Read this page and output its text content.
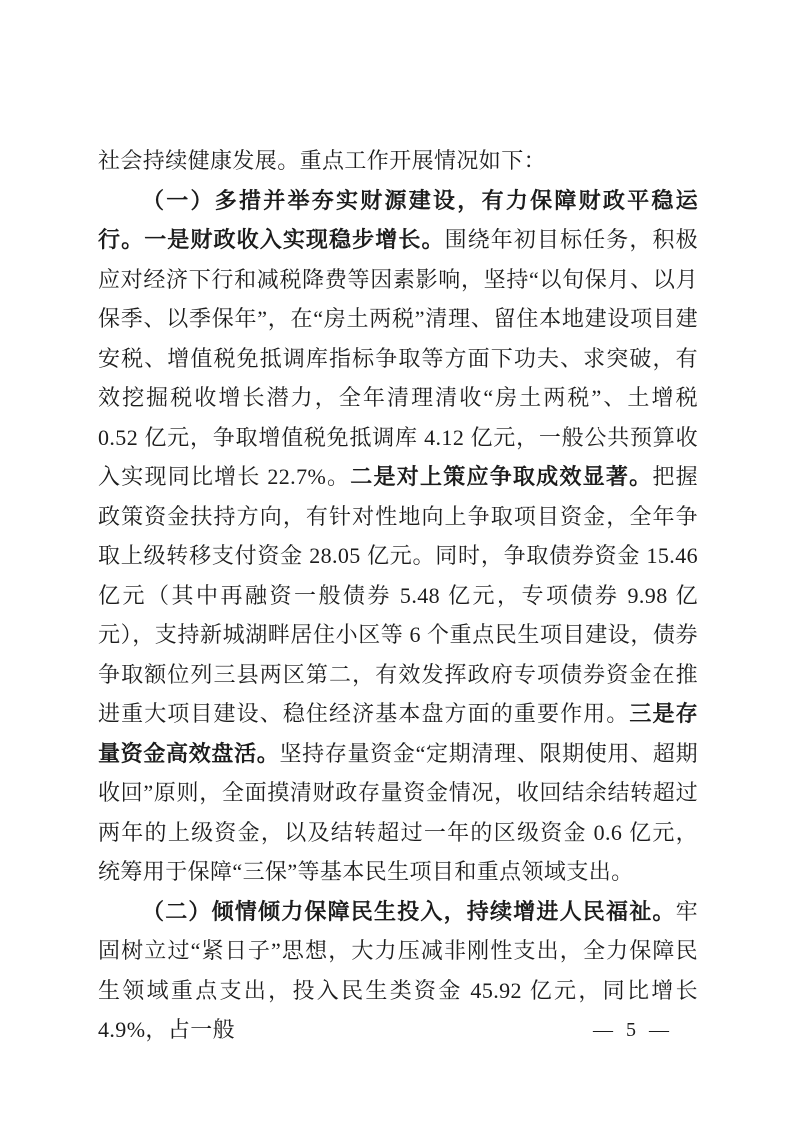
社会持续健康发展。重点工作开展情况如下：

（一）多措并举夯实财源建设，有力保障财政平稳运行。一是财政收入实现稳步增长。围绕年初目标任务，积极应对经济下行和减税降费等因素影响，坚持“以旬保月、以月保季、以季保年”，在“房土两税”清理、留住本地建设项目建安税、增值税免抵调库指标争取等方面下功夫、求突破，有效挖掘税收增长潜力，全年清理清收“房土两税”、土增税 0.52 亿元，争取增值税免抵调库 4.12 亿元，一般公共预算收入实现同比增长 22.7%。二是对上策应争取成效显著。把握政策资金扶持方向，有针对性地向上争取项目资金，全年争取上级转移支付资金 28.05 亿元。同时，争取债券资金 15.46 亿元（其中再融资一般债券 5.48 亿元，专项债券 9.98 亿元），支持新城湖畔居住小区等 6 个重点民生项目建设，债券争取额位列三县两区第二，有效发挥政府专项债券资金在推进重大项目建设、稳住经济基本盘方面的重要作用。三是存量资金高效盘活。坚持存量资金“定期清理、限期使用、超期收回”原则，全面摸清财政存量资金情况，收回结余结转超过两年的上级资金，以及结转超过一年的区级资金 0.6 亿元，统筹用于保障“三保”等基本民生项目和重点领域支出。

（二）倾情倾力保障民生投入，持续增进人民福祉。牢固树立过“紧日子”思想，大力压减非刚性支出，全力保障民生领域重点支出，投入民生类资金 45.92 亿元，同比增长 4.9%，占一般	— 5 —
